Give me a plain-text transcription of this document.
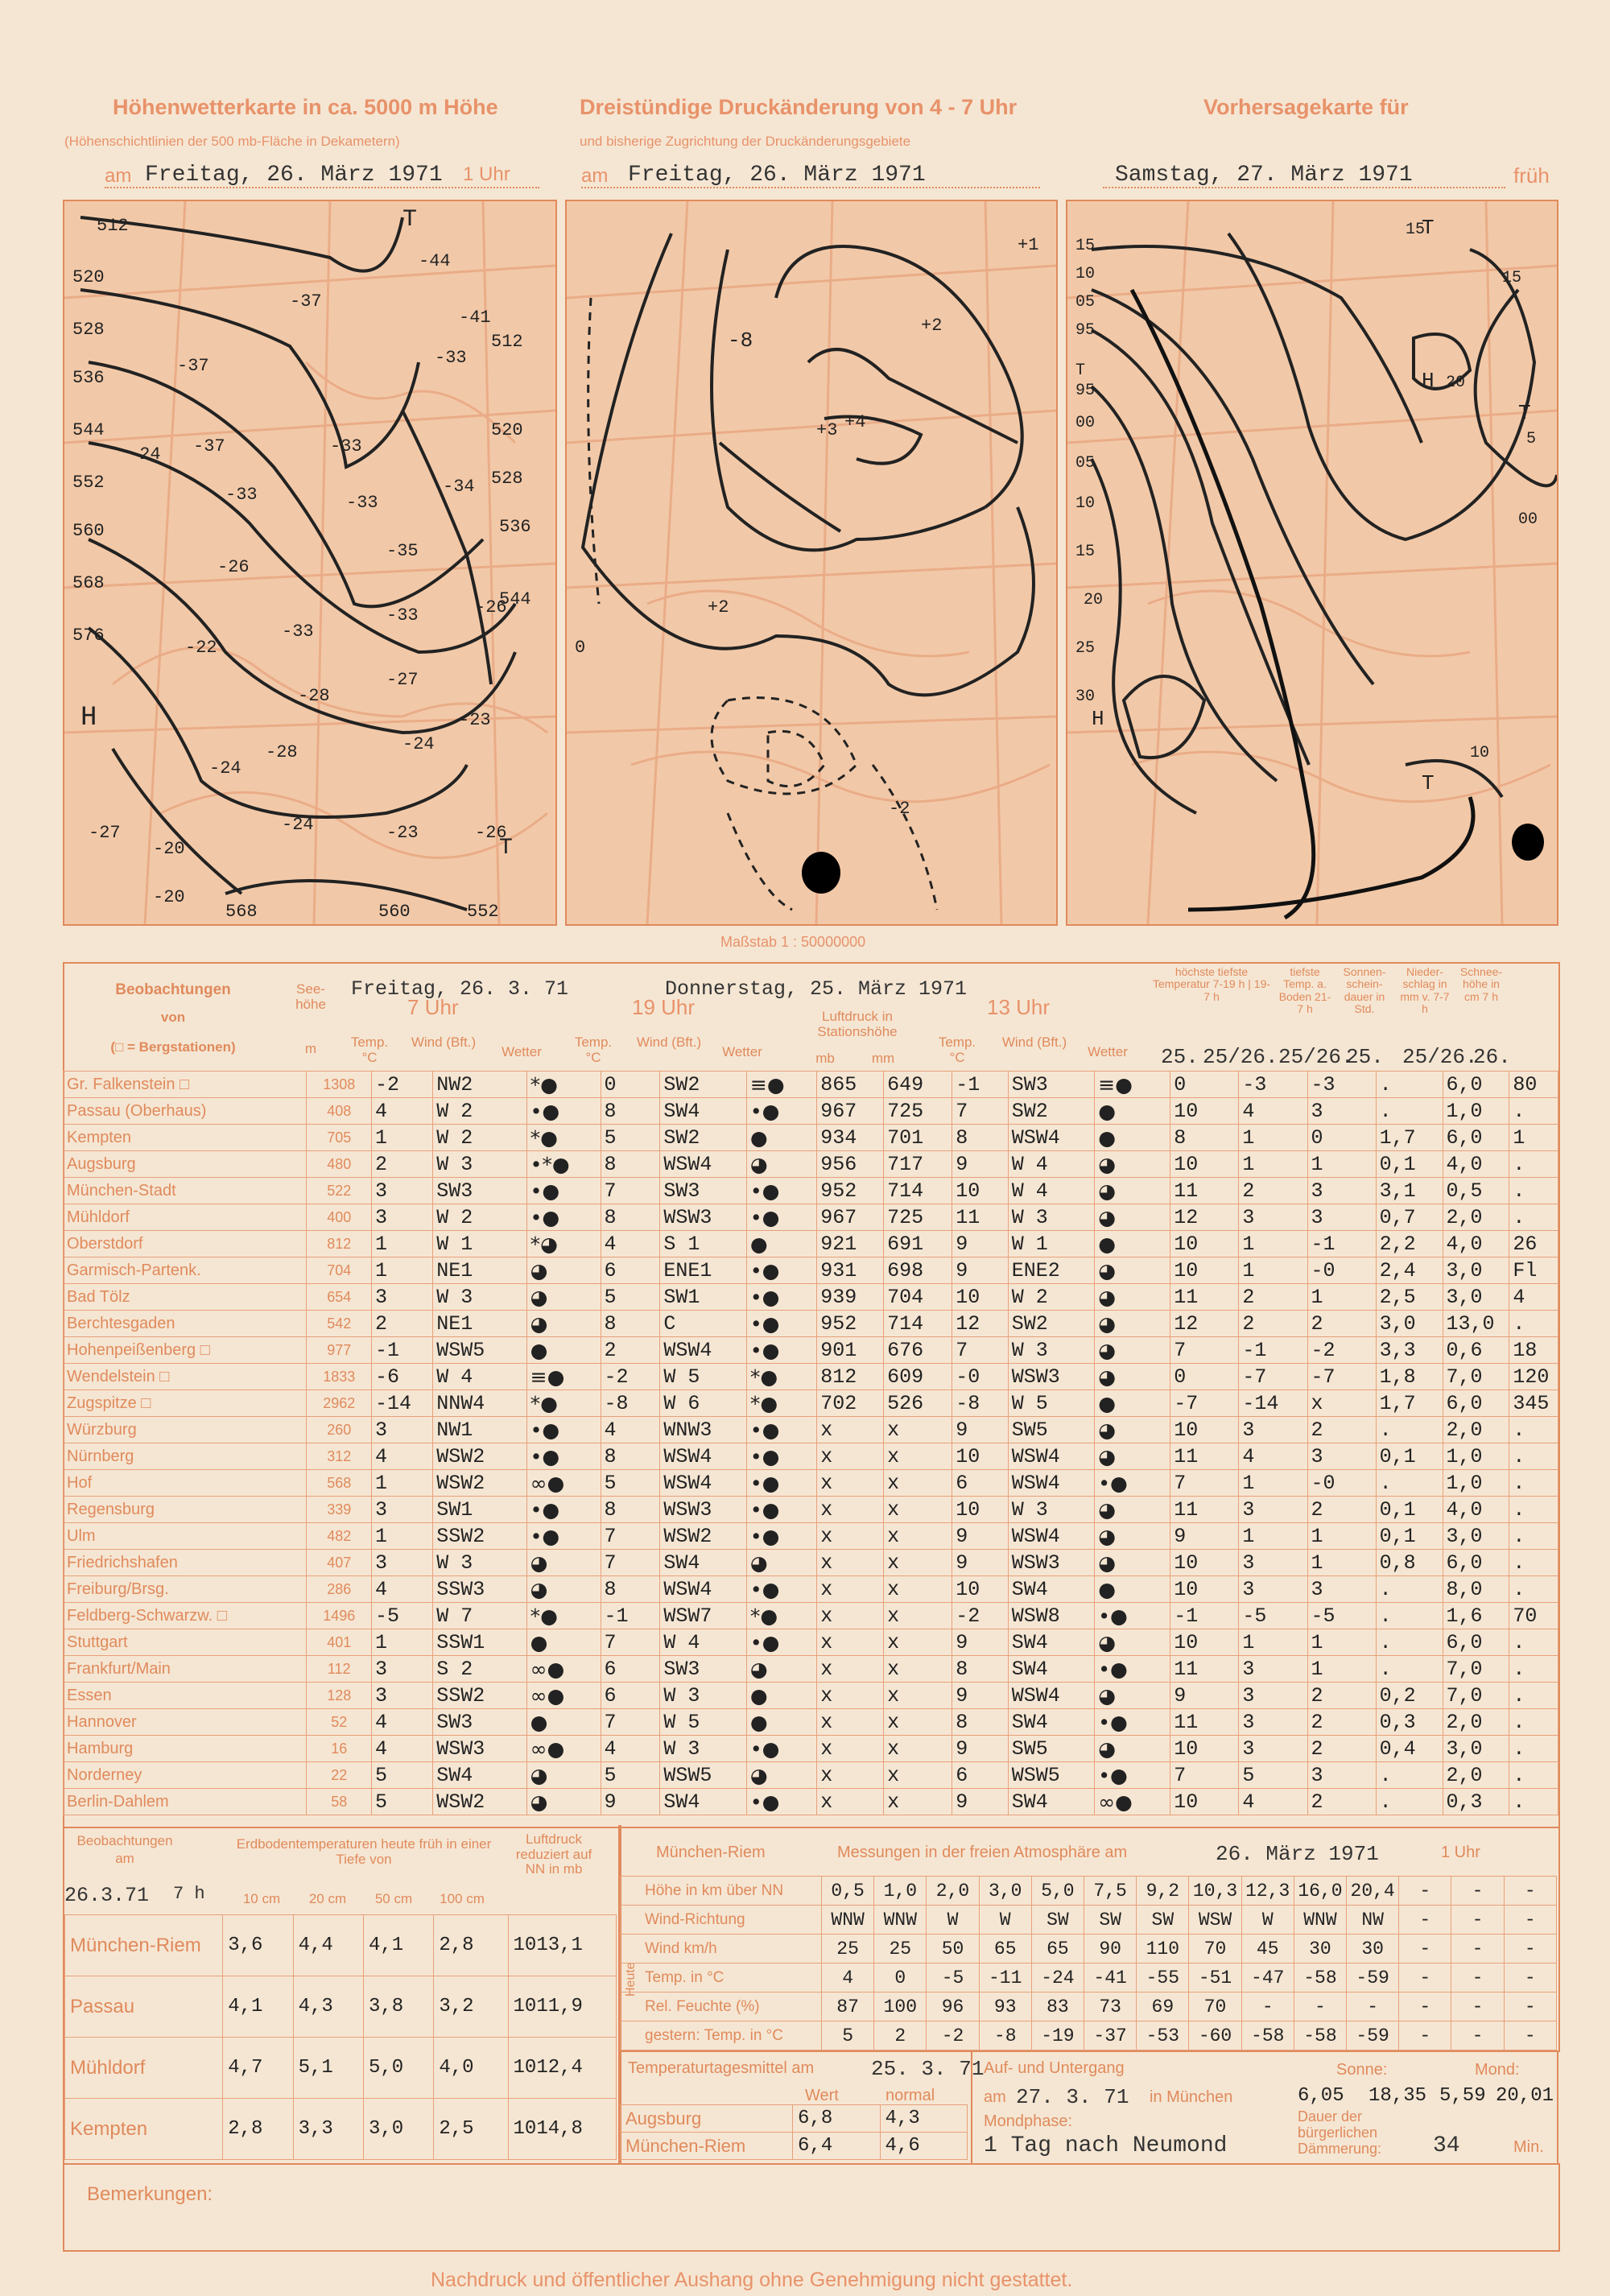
Höhenwetterkarte in ca. 5000 m Höhe
(Höhenschichtlinien der 500 mb-Fläche in Dekametern)
Dreistündige Druckänderung von 4 - 7 Uhr
und bisherige Zugrichtung der Druckänderungsgebiete
Vorhersagekarte für
am Freitag, 26. März 1971 1 Uhr	am Freitag, 26. März 1971	Samstag, 27. März 1971	früh
512
520
528
536
544
552
560
568
576
H
568	560	552
T
-44
-37
-41
-33
-37
-37	-33
-34
-24
-33	-33
-35
-26
-33
-26
-33
-22
-28
-27
-23
-28	-24
-24
-27
-20
-24	-23	-26
-20
T
512
520
528
536
544
+1
+2
-8
+3 +4
+2
-2
0
15
10
05
95
T
95
00
05
10
15
20
25
30
H
H 20
15
T
15
T
5
00
T
10
Maßstab 1 : 50000000
Beobachtungen
von
(□ = Bergstationen)
See- höhe
m
Freitag, 26. 3. 71
7 Uhr
Donnerstag, 25. März 1971
19 Uhr	13 Uhr
Luftdruck in Stationshöhe
mb	mm
Temp. °C
Wind (Bft.)
Wetter
Temp. °C
Wind (Bft.)
Wetter
Temp. °C
Wind (Bft.)
Wetter
höchste tiefste Temperatur 7-19 h | 19-7 h
tiefste Temp. a. Boden 21-7 h
Sonnen-schein-dauer in Std.
Nieder-schlag in mm v. 7-7 h
Schnee-höhe in cm 7 h
25. 25/26. 25/26.
25. 25/26.
26.
Gr. Falkenstein □	1308	-2	NW2	*●	0	SW2	≡●	865	649	-1	SW3	≡●	0	-3	-3	.	6,0	80
Passau (Oberhaus)	408	4	W 2	•●	8	SW4	•●	967	725	7	SW2	●	10	4	3	.	1,0	.
Kempten	705	1	W 2	*●	5	SW2	●	934	701	8	WSW4	●	8	1	0	1,7	6,0	1
Augsburg	480	2	W 3	•*●	8	WSW4	◕	956	717	9	W 4	◕	10	1	1	0,1	4,0	.
München-Stadt	522	3	SW3	•●	7	SW3	•●	952	714	10	W 4	◕	11	2	3	3,1	0,5	.
Mühldorf	400	3	W 2	•●	8	WSW3	•●	967	725	11	W 3	◕	12	3	3	0,7	2,0	.
Oberstdorf	812	1	W 1	*◕	4	S 1	●	921	691	9	W 1	●	10	1	-1	2,2	4,0	26
Garmisch-Partenk.	704	1	NE1	◕	6	ENE1	•●	931	698	9	ENE2	◕	10	1	-0	2,4	3,0	Fl
Bad Tölz	654	3	W 3	◕	5	SW1	•●	939	704	10	W 2	◕	11	2	1	2,5	3,0	4
Berchtesgaden	542	2	NE1	◕	8	C	•●	952	714	12	SW2	◕	12	2	2	3,0	13,0	.
Hohenpeißenberg □	977	-1	WSW5	●	2	WSW4	•●	901	676	7	W 3	◕	7	-1	-2	3,3	0,6	18
Wendelstein □	1833	-6	W 4	≡●	-2	W 5	*●	812	609	-0	WSW3	◕	0	-7	-7	1,8	7,0	120
Zugspitze □	2962	-14	NNW4	*●	-8	W 6	*●	702	526	-8	W 5	●	-7	-14	x	1,7	6,0	345
Würzburg	260	3	NW1	•●	4	WNW3	•●	x	x	9	SW5	◕	10	3	2	.	2,0	.
Nürnberg	312	4	WSW2	•●	8	WSW4	•●	x	x	10	WSW4	◕	11	4	3	0,1	1,0	.
Hof	568	1	WSW2	∞●	5	WSW4	•●	x	x	6	WSW4	•●	7	1	-0	.	1,0	.
Regensburg	339	3	SW1	•●	8	WSW3	•●	x	x	10	W 3	◕	11	3	2	0,1	4,0	.
Ulm	482	1	SSW2	•●	7	WSW2	•●	x	x	9	WSW4	◕	9	1	1	0,1	3,0	.
Friedrichshafen	407	3	W 3	◕	7	SW4	◕	x	x	9	WSW3	◕	10	3	1	0,8	6,0	.
Freiburg/Brsg.	286	4	SSW3	◕	8	WSW4	•●	x	x	10	SW4	●	10	3	3	.	8,0	.
Feldberg-Schwarzw. □	1496	-5	W 7	*●	-1	WSW7	*●	x	x	-2	WSW8	•●	-1	-5	-5	.	1,6	70
Stuttgart	401	1	SSW1	●	7	W 4	•●	x	x	9	SW4	◕	10	1	1	.	6,0	.
Frankfurt/Main	112	3	S 2	∞●	6	SW3	◕	x	x	8	SW4	•●	11	3	1	.	7,0	.
Essen	128	3	SSW2	∞●	6	W 3	●	x	x	9	WSW4	◕	9	3	2	0,2	7,0	.
Hannover	52	4	SW3	●	7	W 5	●	x	x	8	SW4	•●	11	3	2	0,3	2,0	.
Hamburg	16	4	WSW3	∞●	4	W 3	•●	x	x	9	SW5	◕	10	3	2	0,4	3,0	.
Norderney	22	5	SW4	◕	5	WSW5	◕	x	x	6	WSW5	•●	7	5	3	.	2,0	.
Berlin-Dahlem	58	5	WSW2	◕	9	SW4	•●	x	x	9	SW4	∞●	10	4	2	.	0,3	.
Beobachtungen
am
26.3.71 7 h
Erdbodentemperaturen heute früh in einer Tiefe von
10 cm	20 cm	50 cm	100 cm
Luftdruck reduziert auf NN in mb
München-Riem	3,6	4,4	4,1	2,8	1013,1
Passau	4,1	4,3	3,8	3,2	1011,9
Mühldorf	4,7	5,1	5,0	4,0	1012,4
Kempten	2,8	3,3	3,0	2,5	1014,8
München-Riem	Messungen in der freien Atmosphäre am	26. März 1971	1 Uhr
Heute
Höhe in km über NN	0,5	1,0	2,0	3,0	5,0	7,5	9,2	10,3	12,3	16,0	20,4	-	-	-
Wind-Richtung	WNW	WNW	W	W	SW	SW	SW	WSW	W	WNW	NW	-	-	-
Wind km/h	25	25	50	65	65	90	110	70	45	30	30	-	-	-
Temp. in °C	4	0	-5	-11	-24	-41	-55	-51	-47	-58	-59	-	-	-
Rel. Feuchte (%)	87	100	96	93	83	73	69	70	-	-	-	-	-	-
gestern: Temp. in °C	5	2	-2	-8	-19	-37	-53	-60	-58	-58	-59	-	-	-
Temperaturtagesmittel am	25. 3. 71
Wert	normal
Augsburg	6,8	4,3
München-Riem	6,4	4,6
Auf- und Untergang
am 27. 3. 71 in München
Sonne:	Mond:
6,05 18,35 5,59 20,01
Mondphase:
1 Tag nach Neumond
Dauer der bürgerlichen Dämmerung:	34	Min.
Bemerkungen:
Nachdruck und öffentlicher Aushang ohne Genehmigung nicht gestattet.
